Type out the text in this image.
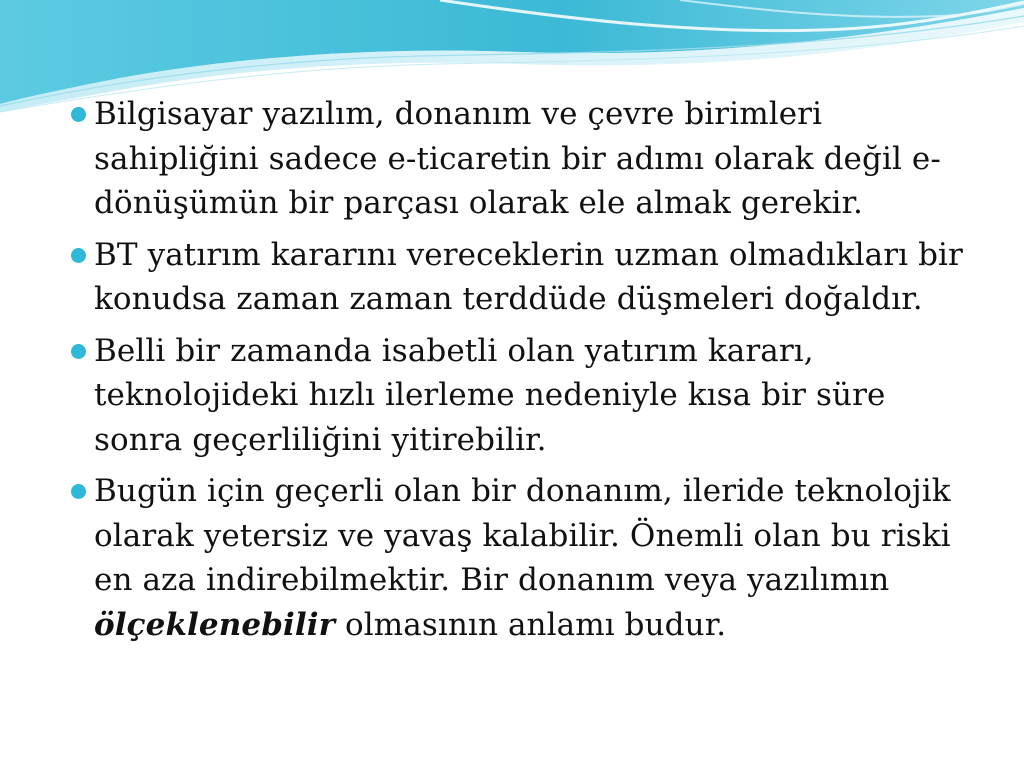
Bilgisayar yazılım, donanım ve çevre birimleri sahipliğini sadece e-ticaretin bir adımı olarak değil e-dönüşümün bir parçası olarak ele almak gerekir.
BT yatırım kararını vereceklerin uzman olmadıkları bir konudsa zaman zaman terddüde düşmeleri doğaldır.
Belli bir zamanda isabetli olan yatırım kararı, teknolojideki hızlı ilerleme nedeniyle kısa bir süre sonra geçerliliğini yitirebilir.
Bugün için geçerli olan bir donanım, ileride teknolojik olarak yetersiz ve yavaş kalabilir. Önemli olan bu riski en aza indirebilmektir. Bir donanım veya yazılımın ölçeklenebilir olmasının anlamı budur.
